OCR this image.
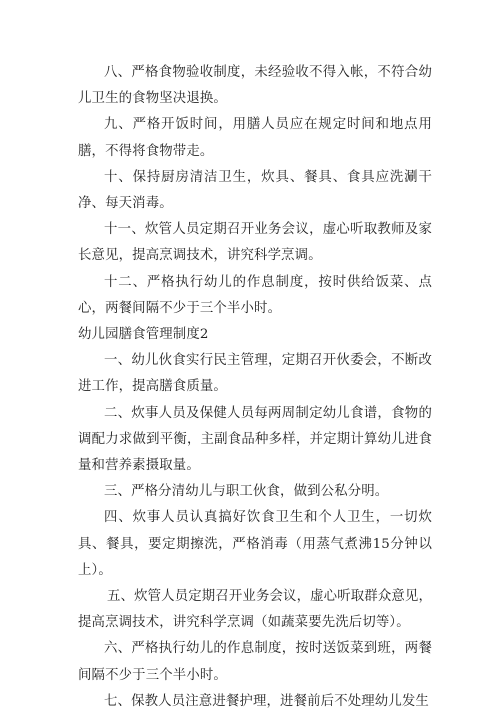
八、严格食物验收制度，未经验收不得入帐，不符合幼儿卫生的食物坚决退换。

九、严格开饭时间，用膳人员应在规定时间和地点用膳，不得将食物带走。

十、保持厨房清洁卫生，炊具、餐具、食具应洗涮干净、每天消毒。

十一、炊管人员定期召开业务会议，虚心听取教师及家长意见，提高烹调技术，讲究科学烹调。

十二、严格执行幼儿的作息制度，按时供给饭菜、点心，两餐间隔不少于三个半小时。

幼儿园膳食管理制度2

一、幼儿伙食实行民主管理，定期召开伙委会，不断改进工作，提高膳食质量。

二、炊事人员及保健人员每两周制定幼儿食谱，食物的调配力求做到平衡，主副食品种多样，并定期计算幼儿进食量和营养素摄取量。

三、严格分清幼儿与职工伙食，做到公私分明。

四、炊事人员认真搞好饮食卫生和个人卫生，一切炊具、餐具，要定期擦洗，严格消毒（用蒸气煮沸15分钟以上）。

五、炊管人员定期召开业务会议，虚心听取群众意见，提高烹调技术，讲究科学烹调（如蔬菜要先洗后切等）。

六、严格执行幼儿的作息制度，按时送饭菜到班，两餐间隔不少于三个半小时。

七、保教人员注意进餐护理，进餐前后不处理幼儿发生
